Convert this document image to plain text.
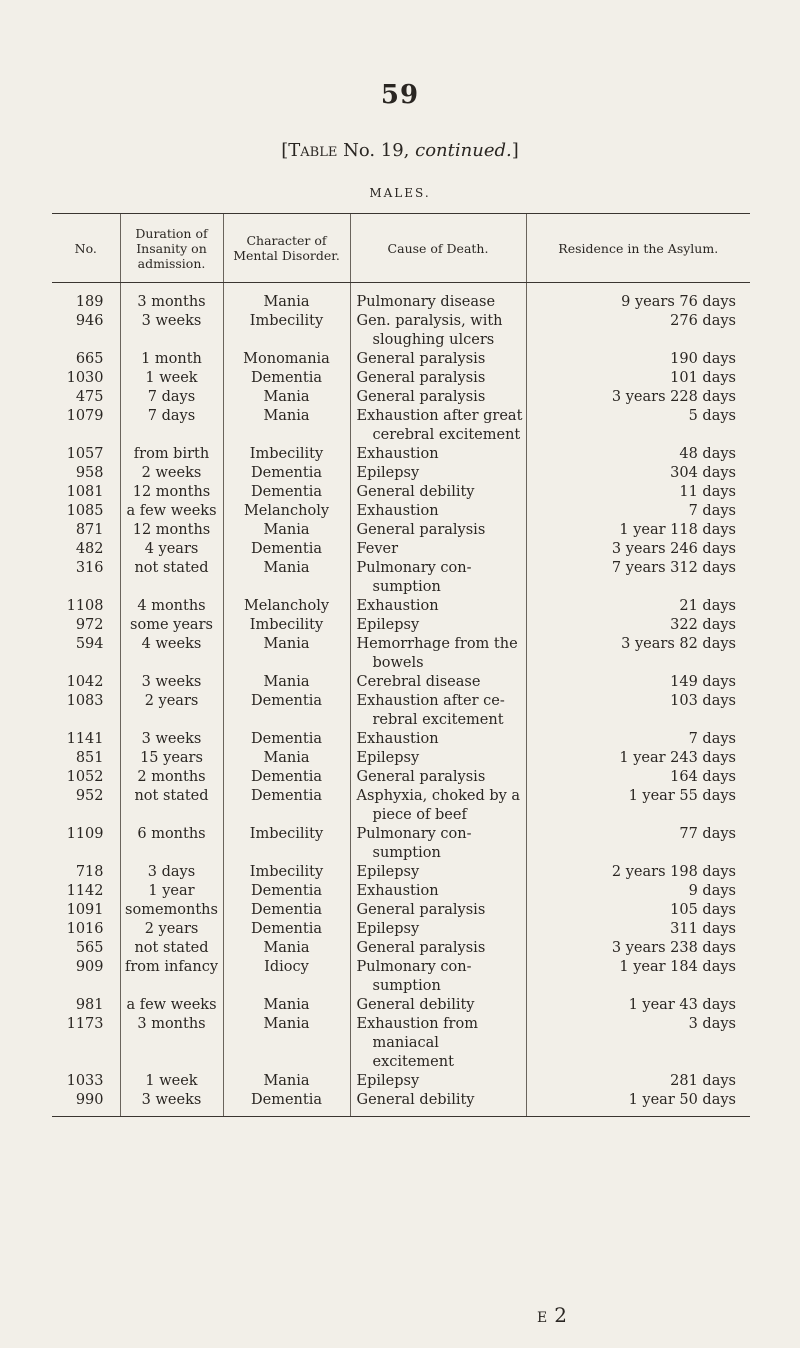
59
[Table No. 19, continued.]
MALES.
No.	Duration of Insanity on admission.	Character of Mental Disorder.	Cause of Death.	Residence in the Asylum.
189	3 months	Mania	Pulmonary disease	9 years 76 days
946	3 weeks	Imbecility	Gen. paralysis, with sloughing ulcers	276 days
665	1 month	Monomania	General paralysis	190 days
1030	1 week	Dementia	General paralysis	101 days
475	7 days	Mania	General paralysis	3 years 228 days
1079	7 days	Mania	Exhaustion after great cerebral excitement	5 days
1057	from birth	Imbecility	Exhaustion	48 days
958	2 weeks	Dementia	Epilepsy	304 days
1081	12 months	Dementia	General debility	11 days
1085	a few weeks	Melancholy	Exhaustion	7 days
871	12 months	Mania	General paralysis	1 year 118 days
482	4 years	Dementia	Fever	3 years 246 days
316	not stated	Mania	Pulmonary con- sumption	7 years 312 days
1108	4 months	Melancholy	Exhaustion	21 days
972	some years	Imbecility	Epilepsy	322 days
594	4 weeks	Mania	Hemorrhage from the bowels	3 years 82 days
1042	3 weeks	Mania	Cerebral disease	149 days
1083	2 years	Dementia	Exhaustion after ce- rebral excitement	103 days
1141	3 weeks	Dementia	Exhaustion	7 days
851	15 years	Mania	Epilepsy	1 year 243 days
1052	2 months	Dementia	General paralysis	164 days
952	not stated	Dementia	Asphyxia, choked by a piece of beef	1 year 55 days
1109	6 months	Imbecility	Pulmonary con- sumption	77 days
718	3 days	Imbecility	Epilepsy	2 years 198 days
1142	1 year	Dementia	Exhaustion	9 days
1091	somemonths	Dementia	General paralysis	105 days
1016	2 years	Dementia	Epilepsy	311 days
565	not stated	Mania	General paralysis	3 years 238 days
909	from infancy	Idiocy	Pulmonary con- sumption	1 year 184 days
981	a few weeks	Mania	General debility	1 year 43 days
1173	3 months	Mania	Exhaustion from maniacal excitement	3 days
1033	1 week	Mania	Epilepsy	281 days
990	3 weeks	Dementia	General debility	1 year 50 days
E 2
